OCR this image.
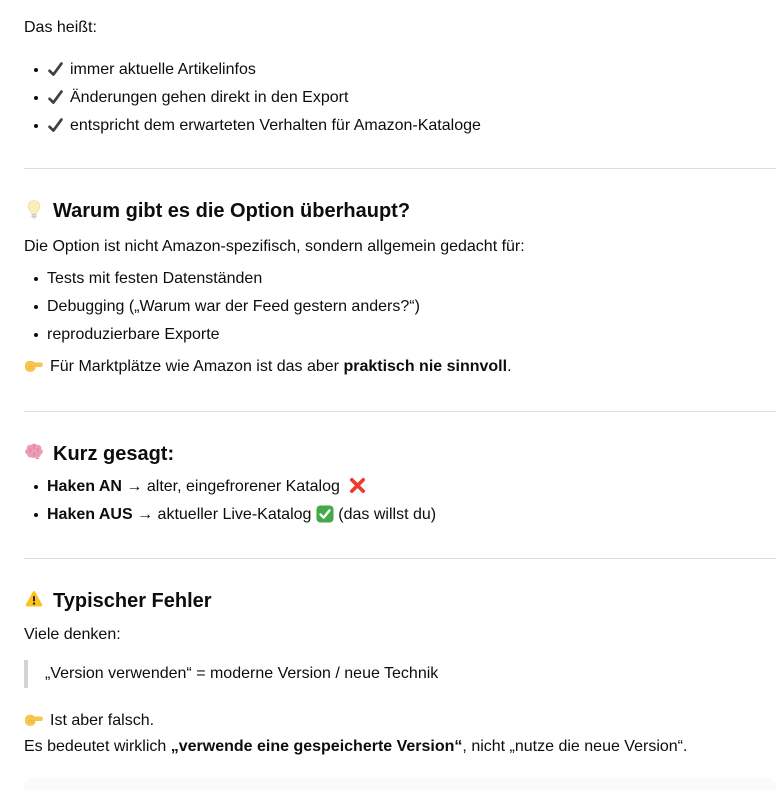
Das heißt:

immer aktuelle Artikelinfos
Änderungen gehen direkt in den Export
entspricht dem erwarteten Verhalten für Amazon-Kataloge
Warum gibt es die Option überhaupt?

Die Option ist nicht Amazon-spezifisch, sondern allgemein gedacht für:

Tests mit festen Datenständen
Debugging („Warum war der Feed gestern anders?“)
reproduzierbare Exporte

Für Marktplätze wie Amazon ist das aber praktisch nie sinnvoll.

Kurz gesagt:
Haken AN → alter, eingefrorener Katalog
Haken AUS → aktueller Live-Katalog  (das willst du)
Typischer Fehler

Viele denken:

„Version verwenden“ = moderne Version / neue Technik

Ist aber falsch.
Es bedeutet wirklich „verwende eine gespeicherte Version“, nicht „nutze die neue Version“.
